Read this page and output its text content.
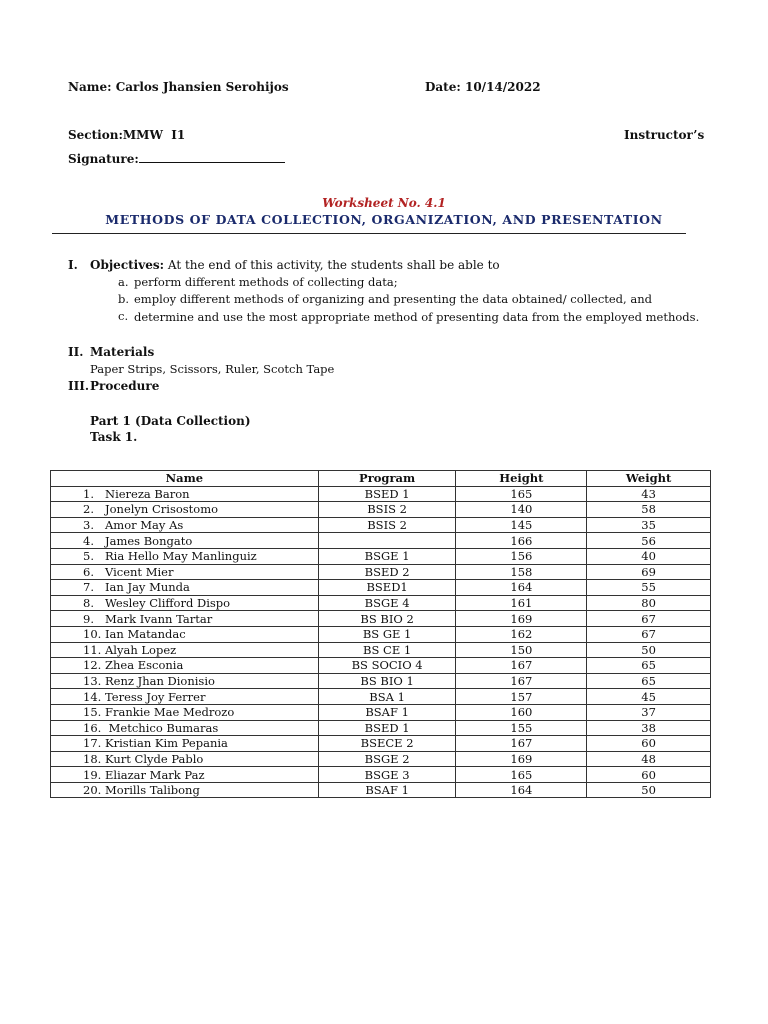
Name: Carlos Jhansien Serohijos	Date: 10/14/2022
Section:MMW  I1	Instructor’s
Signature:
Worksheet No. 4.1
METHODS OF DATA COLLECTION, ORGANIZATION, AND PRESENTATION
I. Objectives: At the end of this activity, the students shall be able to
a. perform different methods of collecting data;
b. employ different methods of organizing and presenting the data obtained/ collected, and
c. determine and use the most appropriate method of presenting data from the employed methods.
II. Materials
Paper Strips, Scissors, Ruler, Scotch Tape
III.Procedure
Part 1 (Data Collection)
Task 1.
Name	Program	Height	Weight
1. Niereza Baron	BSED 1	165	43
2. Jonelyn Crisostomo	BSIS 2	140	58
3. Amor May As	BSIS 2	145	35
4. James Bongato		166	56
5. Ria Hello May Manlinguiz	BSGE 1	156	40
6. Vicent Mier	BSED 2	158	69
7. Ian Jay Munda	BSED1	164	55
8. Wesley Clifford Dispo	BSGE 4	161	80
9. Mark Ivann Tartar	BS BIO 2	169	67
10. Ian Matandac	BS GE 1	162	67
11. Alyah Lopez	BS CE 1	150	50
12. Zhea Esconia	BS SOCIO 4	167	65
13. Renz Jhan Dionisio	BS BIO 1	167	65
14. Teress Joy Ferrer	BSA 1	157	45
15. Frankie Mae Medrozo	BSAF 1	160	37
16. Metchico Bumaras	BSED 1	155	38
17. Kristian Kim Pepania	BSECE 2	167	60
18. Kurt Clyde Pablo	BSGE 2	169	48
19. Eliazar Mark Paz	BSGE 3	165	60
20. Morills Talibong	BSAF 1	164	50
